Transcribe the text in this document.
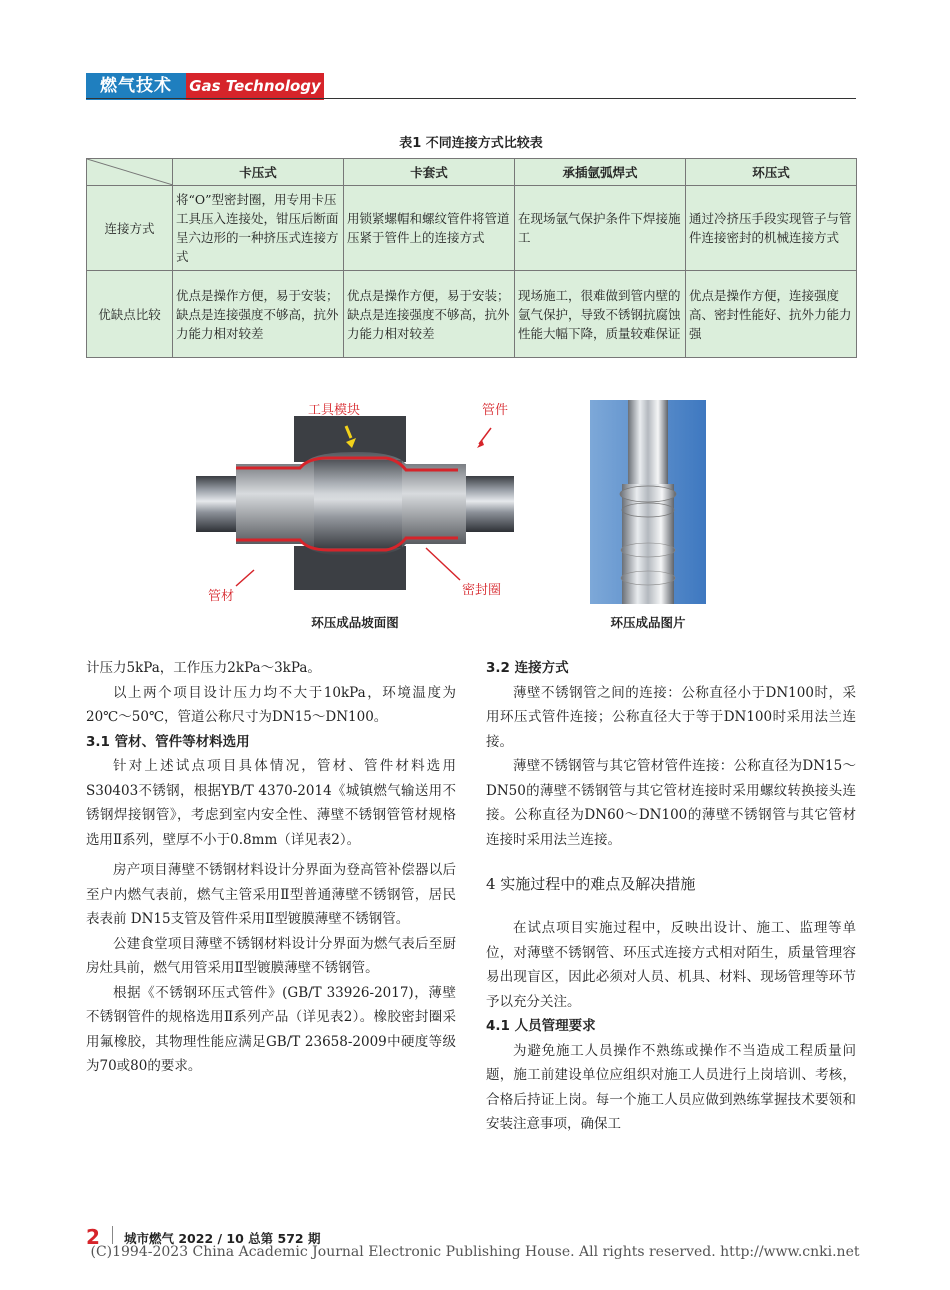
燃气技术	Gas Technology
表1 不同连接方式比较表
	卡压式	卡套式	承插氩弧焊式	环压式
连接方式	将“O”型密封圈，用专用卡压工具压入连接处，钳压后断面呈六边形的一种挤压式连接方式	用锁紧螺帽和螺纹管件将管道压紧于管件上的连接方式	在现场氩气保护条件下焊接施工	通过冷挤压手段实现管子与管件连接密封的机械连接方式
优缺点比较	优点是操作方便，易于安装；缺点是连接强度不够高，抗外力能力相对较差	优点是操作方便，易于安装；缺点是连接强度不够高，抗外力能力相对较差	现场施工，很难做到管内壁的氩气保护，导致不锈钢抗腐蚀性能大幅下降，质量较难保证	优点是操作方便，连接强度高、密封性能好、抗外力能力强
工具模块	管件
管材	密封圈
环压成品坡面图	环压成品图片

计压力5kPa，工作压力2kPa～3kPa。

以上两个项目设计压力均不大于10kPa，环境温度为20℃～50℃，管道公称尺寸为DN15～DN100。

3.1 管材、管件等材料选用

针对上述试点项目具体情况，管材、管件材料选用S30403不锈钢，根据YB/T 4370-2014《城镇燃气输送用不锈钢焊接钢管》，考虑到室内安全性、薄壁不锈钢管管材规格选用Ⅱ系列，壁厚不小于0.8mm（详见表2）。

房产项目薄壁不锈钢材料设计分界面为登高管补偿器以后至户内燃气表前，燃气主管采用Ⅱ型普通薄壁不锈钢管，居民表表前 DN15支管及管件采用Ⅱ型镀膜薄壁不锈钢管。

公建食堂项目薄壁不锈钢材料设计分界面为燃气表后至厨房灶具前，燃气用管采用Ⅱ型镀膜薄壁不锈钢管。

根据《不锈钢环压式管件》(GB/T 33926-2017)，薄壁不锈钢管件的规格选用Ⅱ系列产品（详见表2）。橡胶密封圈采用氟橡胶，其物理性能应满足GB/T 23658-2009中硬度等级为70或80的要求。

3.2 连接方式

薄壁不锈钢管之间的连接：公称直径小于DN100时，采用环压式管件连接；公称直径大于等于DN100时采用法兰连接。

薄壁不锈钢管与其它管材管件连接：公称直径为DN15～DN50的薄壁不锈钢管与其它管材连接时采用螺纹转换接头连接。公称直径为DN60～DN100的薄壁不锈钢管与其它管材连接时采用法兰连接。

4 实施过程中的难点及解决措施

在试点项目实施过程中，反映出设计、施工、监理等单位，对薄壁不锈钢管、环压式连接方式相对陌生，质量管理容易出现盲区，因此必须对人员、机具、材料、现场管理等环节予以充分关注。

4.1 人员管理要求

为避免施工人员操作不熟练或操作不当造成工程质量问题，施工前建设单位应组织对施工人员进行上岗培训、考核，合格后持证上岗。每一个施工人员应做到熟练掌握技术要领和安装注意事项，确保工

2 城市燃气 2022 / 10 总第 572 期
(C)1994-2023 China Academic Journal Electronic Publishing House. All rights reserved. http://www.cnki.net
